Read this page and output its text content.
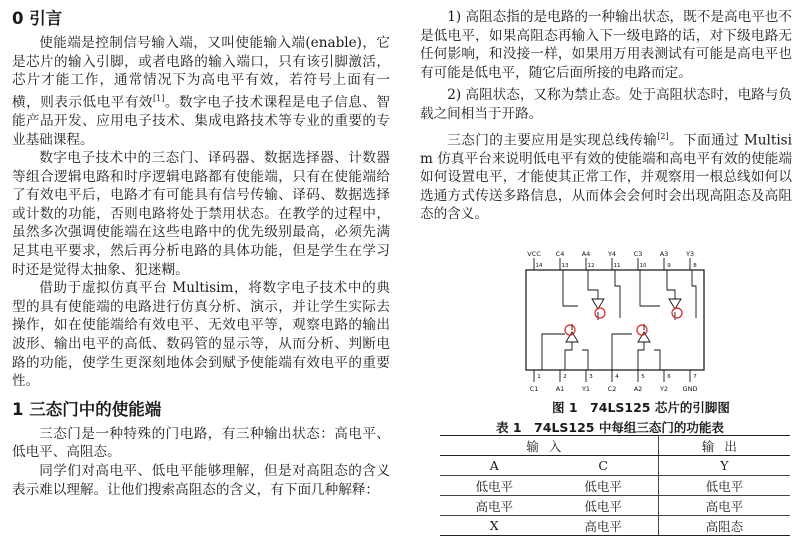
0 引言

使能端是控制信号输入端，又叫使能输入端(enable)，它是芯片的输入引脚，或者电路的输入端口，只有该引脚激活，芯片才能工作，通常情况下为高电平有效，若符号上面有一横，则表示低电平有效[1]。数字电子技术课程是电子信息、智能产品开发、应用电子技术、集成电路技术等专业的重要的专业基础课程。

数字电子技术中的三态门、译码器、数据选择器、计数器等组合逻辑电路和时序逻辑电路都有使能端，只有在使能端给了有效电平后，电路才有可能具有信号传输、译码、数据选择或计数的功能，否则电路将处于禁用状态。在教学的过程中，虽然多次强调使能端在这些电路中的优先级别最高，必须先满足其电平要求，然后再分析电路的具体功能，但是学生在学习时还是觉得太抽象、犯迷糊。

借助于虚拟仿真平台 Multisim，将数字电子技术中的典型的具有使能端的电路进行仿真分析、演示，并让学生实际去操作，如在使能端给有效电平、无效电平等，观察电路的输出波形、输出电平的高低、数码管的显示等，从而分析、判断电路的功能，使学生更深刻地体会到赋予使能端有效电平的重要性。

1 三态门中的使能端

三态门是一种特殊的门电路，有三种输出状态：高电平、低电平、高阻态。

同学们对高电平、低电平能够理解，但是对高阻态的含义表示难以理解。让他们搜索高阻态的含义，有下面几种解释：

1) 高阻态指的是电路的一种输出状态，既不是高电平也不是低电平，如果高阻态再输入下一级电路的话，对下级电路无任何影响，和没接一样，如果用万用表测试有可能是高电平也有可能是低电平，随它后面所接的电路而定。

2) 高阻状态，又称为禁止态。处于高阻状态时，电路与负载之间相当于开路。

三态门的主要应用是实现总线传输[2]。下面通过 Multisim 仿真平台来说明低电平有效的使能端和高电平有效的使能端如何设置电平，才能使其正常工作，并观察用一根总线如何以选通方式传送多路信息，从而体会会何时会出现高阻态及高阻态的含义。

VCC C4	A4	Y4	C3	A3	Y3
14	13	12	11	10	9	8
C1	A1	Y1	C2	A2	Y2 GND
1	2	3	4	5	6	7
图 1　74LS125 芯片的引脚图
表 1　74LS125 中每组三态门的功能表
输入		输出
A	C	Y
低电平	低电平	低电平
高电平	低电平	高电平
X	高电平	高阻态
